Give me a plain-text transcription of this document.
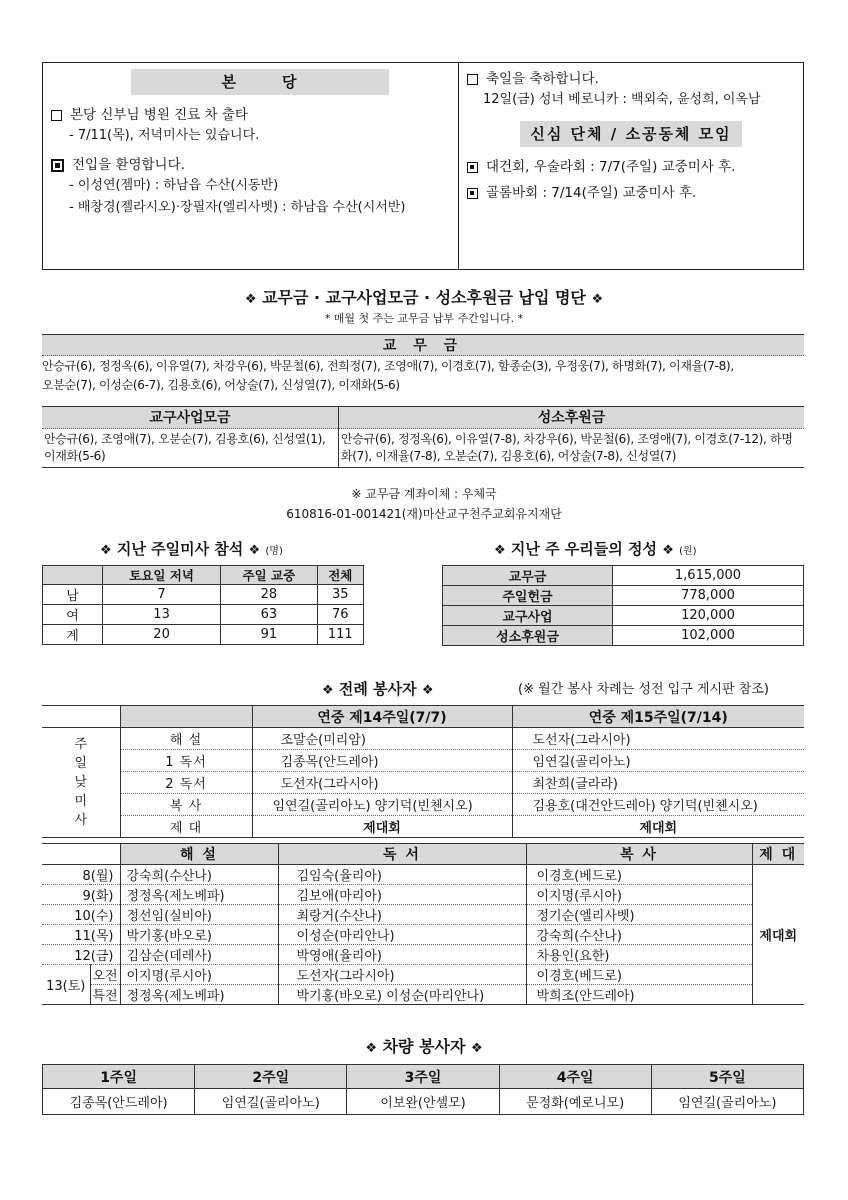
본	당
본당 신부님 병원 진료 차 출타
- 7/11(목), 저녁미사는 있습니다.
전입을 환영합니다.
- 이성연(젬마) : 하남읍 수산(시동반)
- 배창경(젤라시오)·장필자(엘리사벳) : 하남읍 수산(시서반)
축일을 축하합니다.
12일(금) 성녀 베로니카 : 백외숙, 윤성희, 이옥남
신심 단체 / 소공동체 모임
대건회, 우술라회 : 7/7(주일) 교중미사 후.
골롬바회 : 7/14(주일) 교중미사 후.
❖ 교무금 · 교구사업모금 · 성소후원금 납입 명단 ❖
* 매월 첫 주는 교무금 납부 주간입니다. *
교 무 금
안승규(6), 정정옥(6), 이유열(7), 차강우(6), 박문철(6), 전희정(7), 조영애(7), 이경호(7), 함종순(3), 우정웅(7), 하명화(7), 이재율(7-8),
오분순(7), 이성순(6-7), 김용호(6), 어상술(7), 신성열(7), 이재화(5-6)
교구사업모금
안승규(6), 조영애(7), 오분순(7), 김용호(6), 신성열(1), 이재화(5-6)
성소후원금
안승규(6), 정정옥(6), 이유열(7-8), 차강우(6), 박문철(6), 조영애(7), 이경호(7-12), 하명화(7), 이재율(7-8), 오분순(7), 김용호(6), 어상술(7-8), 신성열(7)
※ 교무금 계좌이체 : 우체국
610816-01-001421(재)마산교구천주교회유지재단
❖ 지난 주일미사 참석 ❖ (명)	❖ 지난 주 우리들의 정성 ❖ (원)
	토요일 저녁	주일 교중	전체
남	7	28	35
여	13	63	76
계	20	91	111
교무금	1,615,000
주일헌금	778,000
교구사업	120,000
성소후원금	102,000
❖ 전례 봉사자 ❖	(※ 월간 봉사 차례는 성전 입구 게시판 참조)
		연중 제14주일(7/7)	연중 제15주일(7/14)

주
일
낮
미
사	해 설	조말순(미리암)	도선자(그라시아)
	1 독서	김종목(안드레아)	임연길(골리아노)
	2 독서	도선자(그라시아)	최찬희(글라라)
	복 사	임연길(골리아노) 양기덕(빈첸시오)	김용호(대건안드레아) 양기덕(빈첸시오)
	제 대	제대회	제대회
		해 설	독 서	복 사	제 대
8(월)		강숙희(수산나)	김임숙(율리아)	이경호(베드로)	제대회
9(화)		정정옥(제노베파)	김보애(마리아)	이지명(루시아)	
10(수)		정선임(실비아)	최랑거(수산나)	정기순(엘리사벳)	
11(목)		박기홍(바오로)	이성순(마리안나)	강숙희(수산나)	
12(금)		김삼순(데레사)	박영애(율리아)	차용인(요한)	
13(토)	오전	이지명(루시아)	도선자(그라시아)	이경호(베드로)	
	특전	정정옥(제노베파)	박기홍(바오로) 이성순(마리안나)	박희조(안드레아)	
❖ 차량 봉사자 ❖
1주일	2주일	3주일	4주일	5주일
김종목(안드레아)	임연길(골리아노)	이보완(안셀모)	문정화(예로니모)	임연길(골리아노)
